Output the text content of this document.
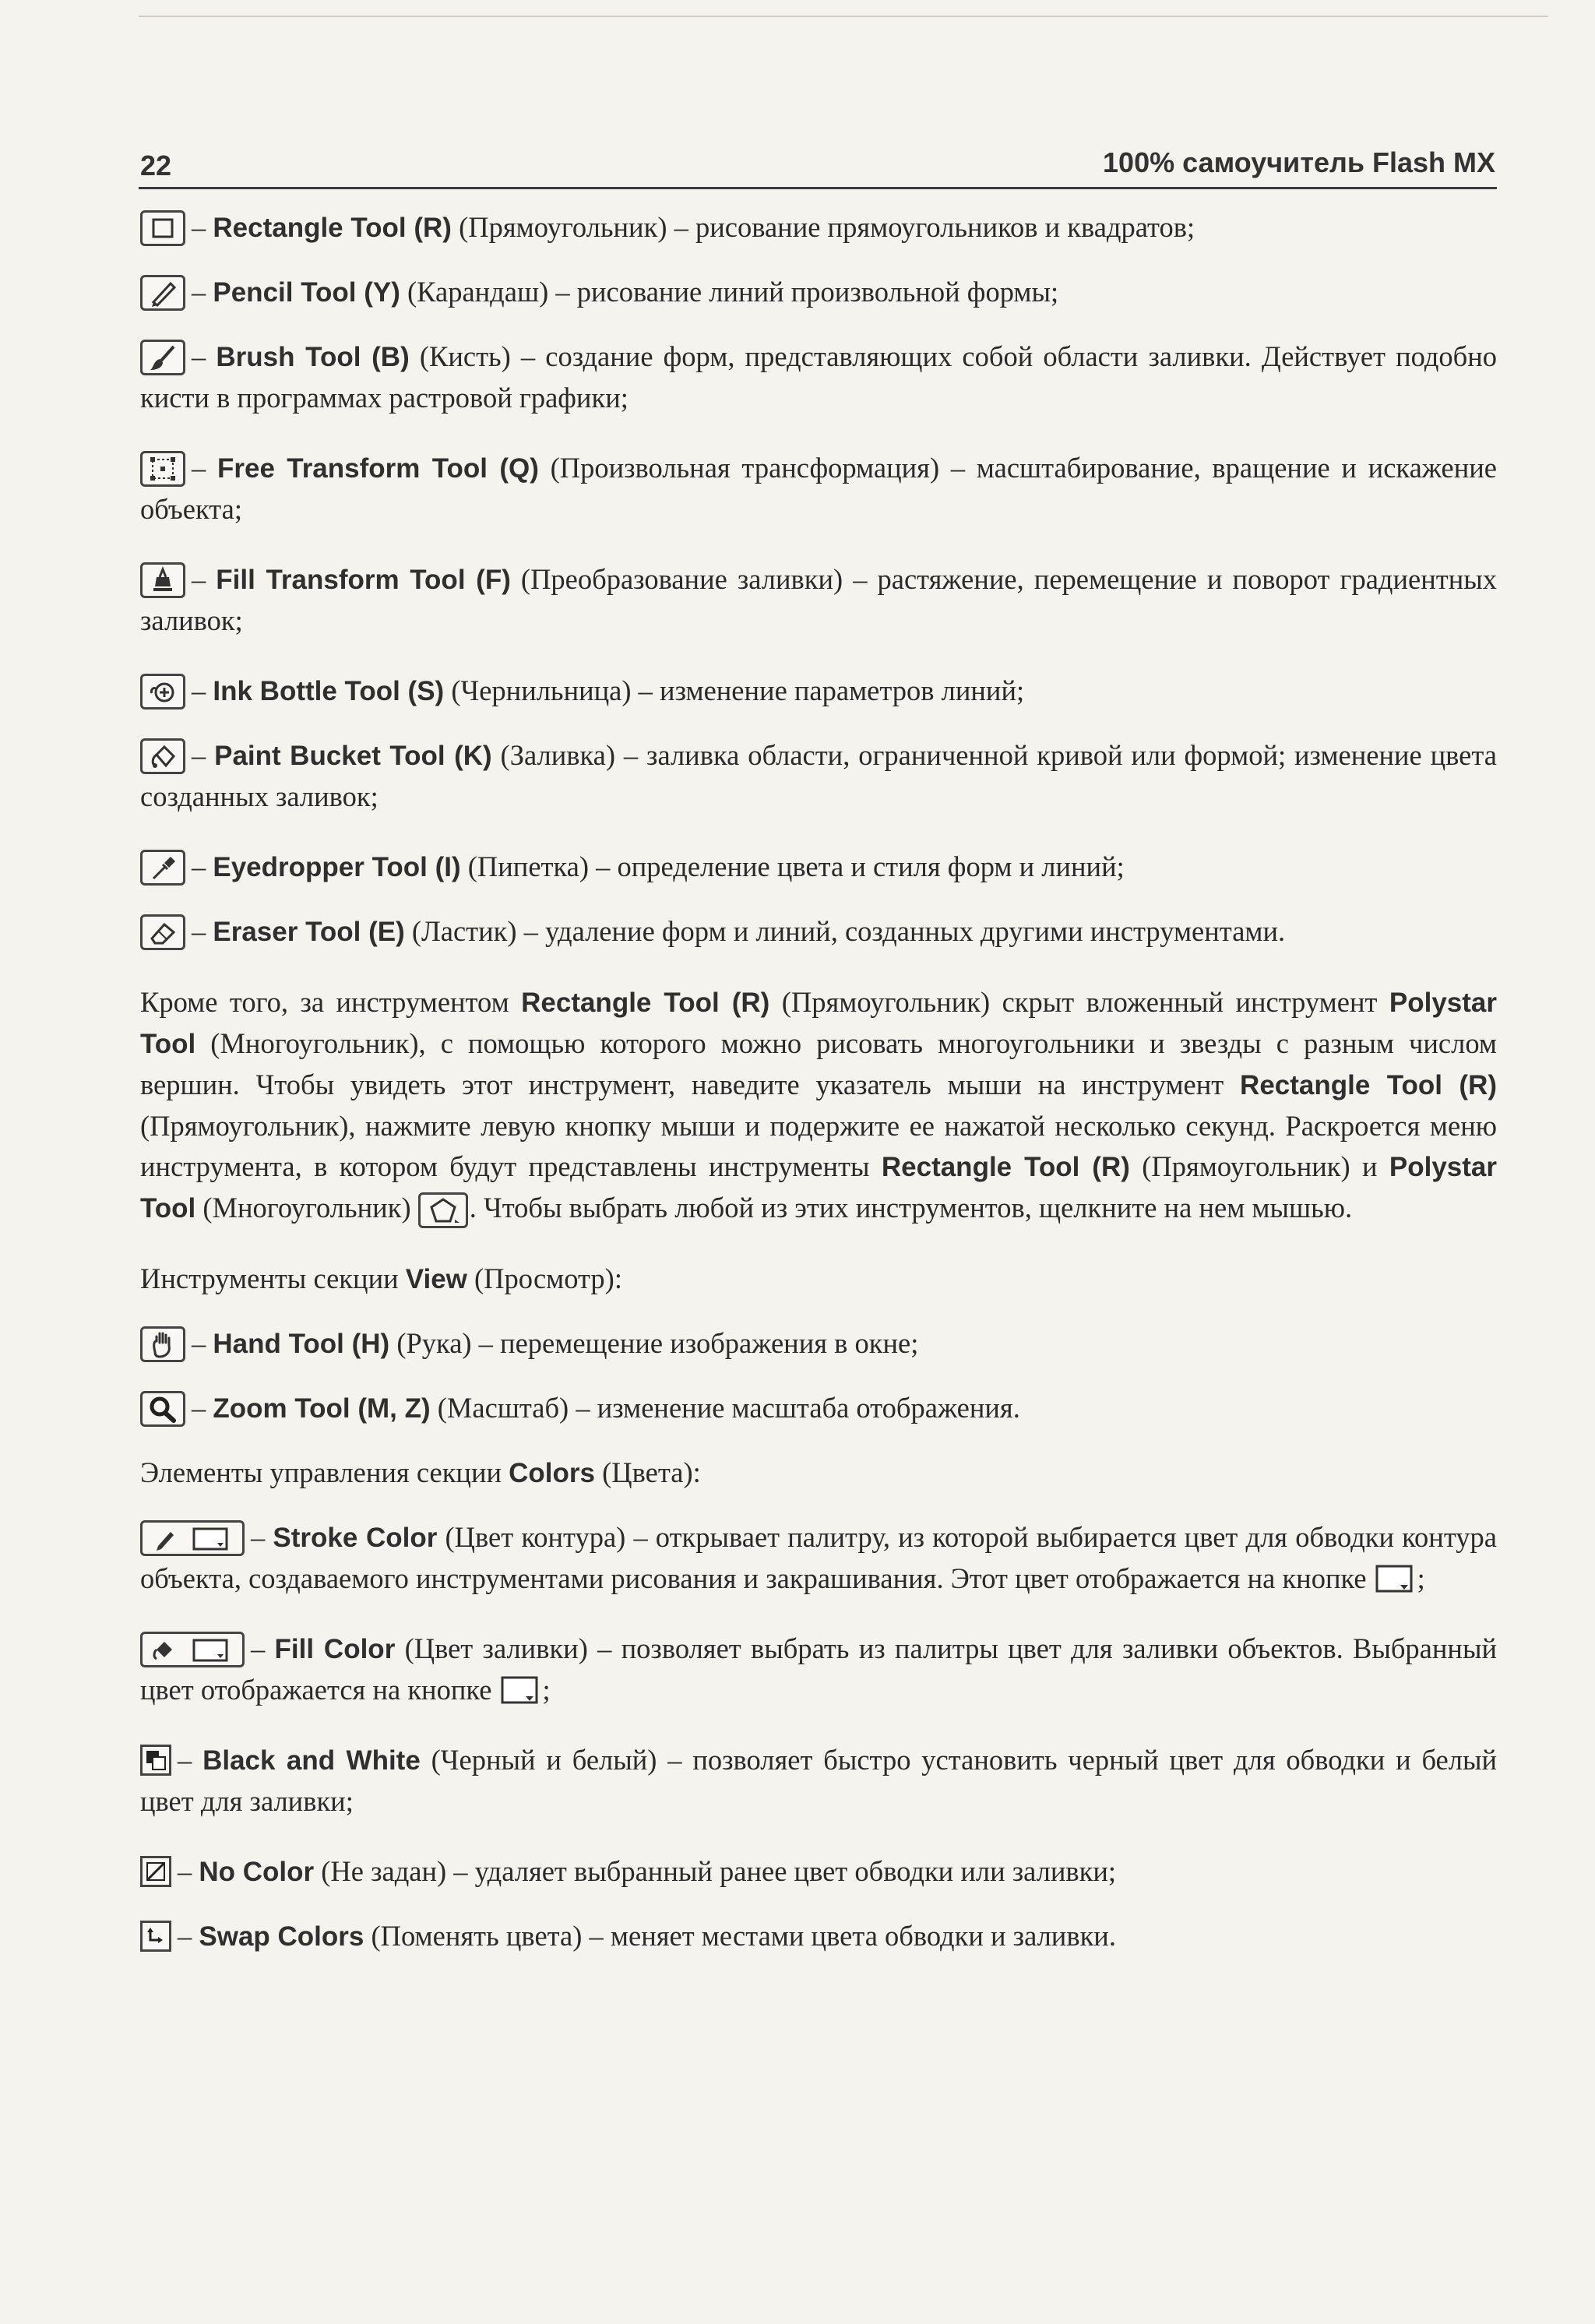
22	100% самоучитель Flash MX

– Rectangle Tool (R) (Прямоугольник) – рисование прямоугольников и квадратов;

– Pencil Tool (Y) (Карандаш) – рисование линий произвольной формы;

– Brush Tool (B) (Кисть) – создание форм, представляющих собой области заливки. Действует подобно кисти в программах растровой графики;

– Free Transform Tool (Q) (Произвольная трансформация) – масштабирование, вращение и искажение объекта;

– Fill Transform Tool (F) (Преобразование заливки) – растяжение, перемещение и поворот градиентных заливок;

– Ink Bottle Tool (S) (Чернильница) – изменение параметров линий;

– Paint Bucket Tool (K) (Заливка) – заливка области, ограниченной кривой или формой; изменение цвета созданных заливок;

– Eyedropper Tool (I) (Пипетка) – определение цвета и стиля форм и линий;

– Eraser Tool (E) (Ластик) – удаление форм и линий, созданных другими инструментами.

Кроме того, за инструментом Rectangle Tool (R) (Прямоугольник) скрыт вложенный инструмент Polystar Tool (Многоугольник), с помощью которого можно рисовать многоугольники и звезды с разным числом вершин. Чтобы увидеть этот инструмент, наведите указатель мыши на инструмент Rectangle Tool (R) (Прямоугольник), нажмите левую кнопку мыши и подержите ее нажатой несколько секунд. Раскроется меню инструмента, в котором будут представлены инструменты Rectangle Tool (R) (Прямоугольник) и Polystar Tool (Многоугольник)
. Чтобы выбрать любой из этих инструментов, щелкните на нем мышью.

Инструменты секции View (Просмотр):

– Hand Tool (H) (Рука) – перемещение изображения в окне;

– Zoom Tool (M, Z) (Масштаб) – изменение масштаба отображения.

Элементы управления секции Colors (Цвета):

– Stroke Color (Цвет контура) – открывает палитру, из которой выбирается цвет для обводки контура объекта, создаваемого инструментами рисования и закрашивания. Этот цвет отображается на кнопке
;

– Fill Color (Цвет заливки) – позволяет выбрать из палитры цвет для заливки объектов. Выбранный цвет отображается на кнопке
;

– Black and White (Черный и белый) – позволяет быстро установить черный цвет для обводки и белый цвет для заливки;

– No Color (Не задан) – удаляет выбранный ранее цвет обводки или заливки;

– Swap Colors (Поменять цвета) – меняет местами цвета обводки и заливки.
